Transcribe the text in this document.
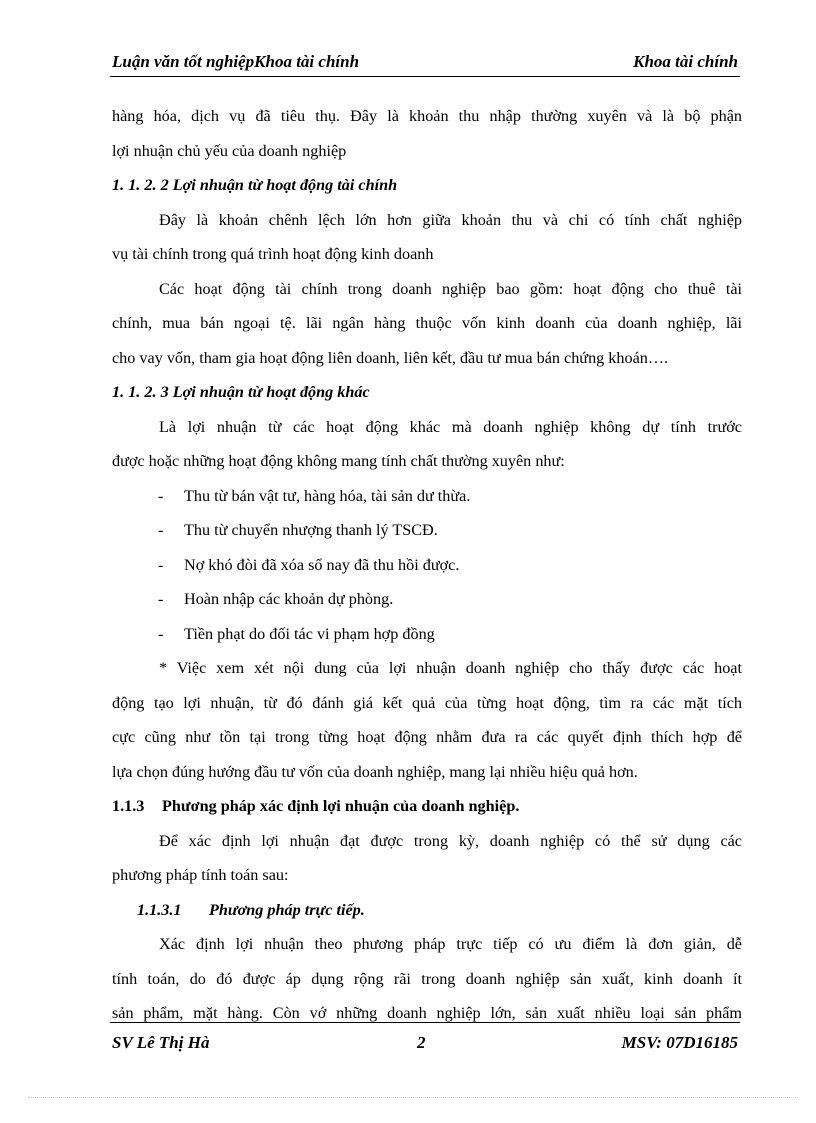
Luận văn tốt nghiệpKhoa tài chính	Khoa tài chính
hàng hóa, dịch vụ đã tiêu thụ. Đây là khoản thu nhập thường xuyên và là bộ phận
lợi nhuận chủ yếu của doanh nghiệp
1. 1. 2. 2 Lợi nhuận từ hoạt động tài chính
Đây là khoản chênh lệch lớn hơn giữa khoản thu và chi có tính chất nghiệp
vụ tài chính trong quá trình hoạt động kinh doanh
Các hoạt động tài chính trong doanh nghiệp bao gồm: hoạt động cho thuê tài
chính, mua bán ngoại tệ. lãi ngân hàng thuộc vốn kinh doanh của doanh nghiệp, lãi
cho vay vốn, tham gia hoạt động liên doanh, liên kết, đầu tư mua bán chứng khoán….
1. 1. 2. 3 Lợi nhuận từ hoạt động khác
Là lợi nhuận từ các hoạt động khác mà doanh nghiệp không dự tính trước
được hoặc những hoạt động không mang tính chất thường xuyên như:
- Thu từ bán vật tư, hàng hóa, tài sản dư thừa.
- Thu từ chuyển nhượng thanh lý TSCĐ.
- Nợ khó đòi đã xóa sổ nay đã thu hồi được.
- Hoàn nhập các khoản dự phòng.
- Tiền phạt do đối tác vi phạm hợp đồng
* Việc xem xét nội dung của lợi nhuận doanh nghiệp cho thấy được các hoạt
động tạo lợi nhuận, từ đó đánh giá kết quả của từng hoạt động, tìm ra các mặt tích
cực cũng như tồn tại trong từng hoạt động nhằm đưa ra các quyết định thích hợp để
lựa chọn đúng hướng đầu tư vốn của doanh nghiệp, mang lại nhiều hiệu quả hơn.
1.1.3 Phương pháp xác định lợi nhuận của doanh nghiệp.
Để xác định lợi nhuận đạt được trong kỳ, doanh nghiệp có thể sử dụng các
phương pháp tính toán sau:
1.1.3.1 Phương pháp trực tiếp.
Xác định lợi nhuận theo phương pháp trực tiếp có ưu điểm là đơn giản, dễ
tính toán, do đó được áp dụng rộng rãi trong doanh nghiệp sản xuất, kinh doanh ít
sản phẩm, mặt hàng. Còn vớ những doanh nghiệp lớn, sản xuất nhiều loại sản phẩm
SV Lê Thị Hà	2	MSV: 07D16185
